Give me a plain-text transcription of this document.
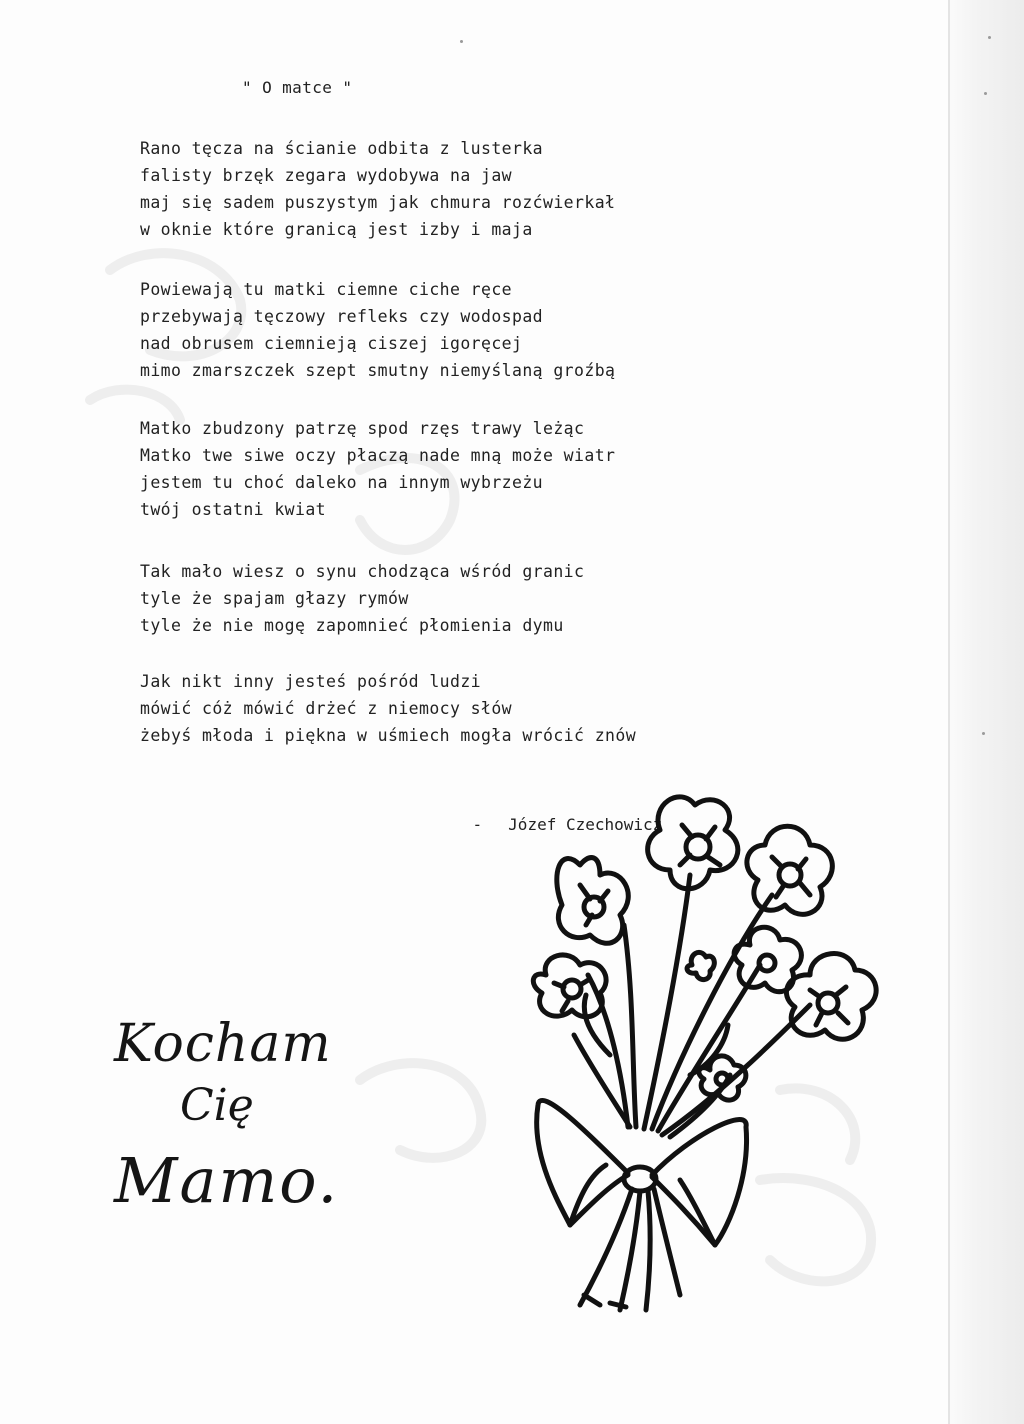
" O matce "
Rano tęcza na ścianie odbita z lusterka
falisty brzęk zegara wydobywa na jaw
maj się sadem puszystym jak chmura rozćwierkał
w oknie które granicą jest izby i maja
Powiewają tu matki ciemne ciche ręce
przebywają tęczowy refleks czy wodospad
nad obrusem ciemnieją ciszej igoręcej
mimo zmarszczek szept smutny niemyślaną groźbą
Matko zbudzony patrzę spod rzęs trawy leżąc
Matko twe siwe oczy płaczą nade mną może wiatr
jestem tu choć daleko na innym wybrzeżu
twój ostatni kwiat
Tak mało wiesz o synu chodząca wśród granic
tyle że spajam głazy rymów
tyle że nie mogę zapomnieć płomienia dymu
Jak nikt inny jesteś pośród ludzi
mówić cóż mówić drżeć z niemocy słów
żebyś młoda i piękna w uśmiech mogła wrócić znów

- Józef Czechowicz

Kocham
Cię
Mamo.
